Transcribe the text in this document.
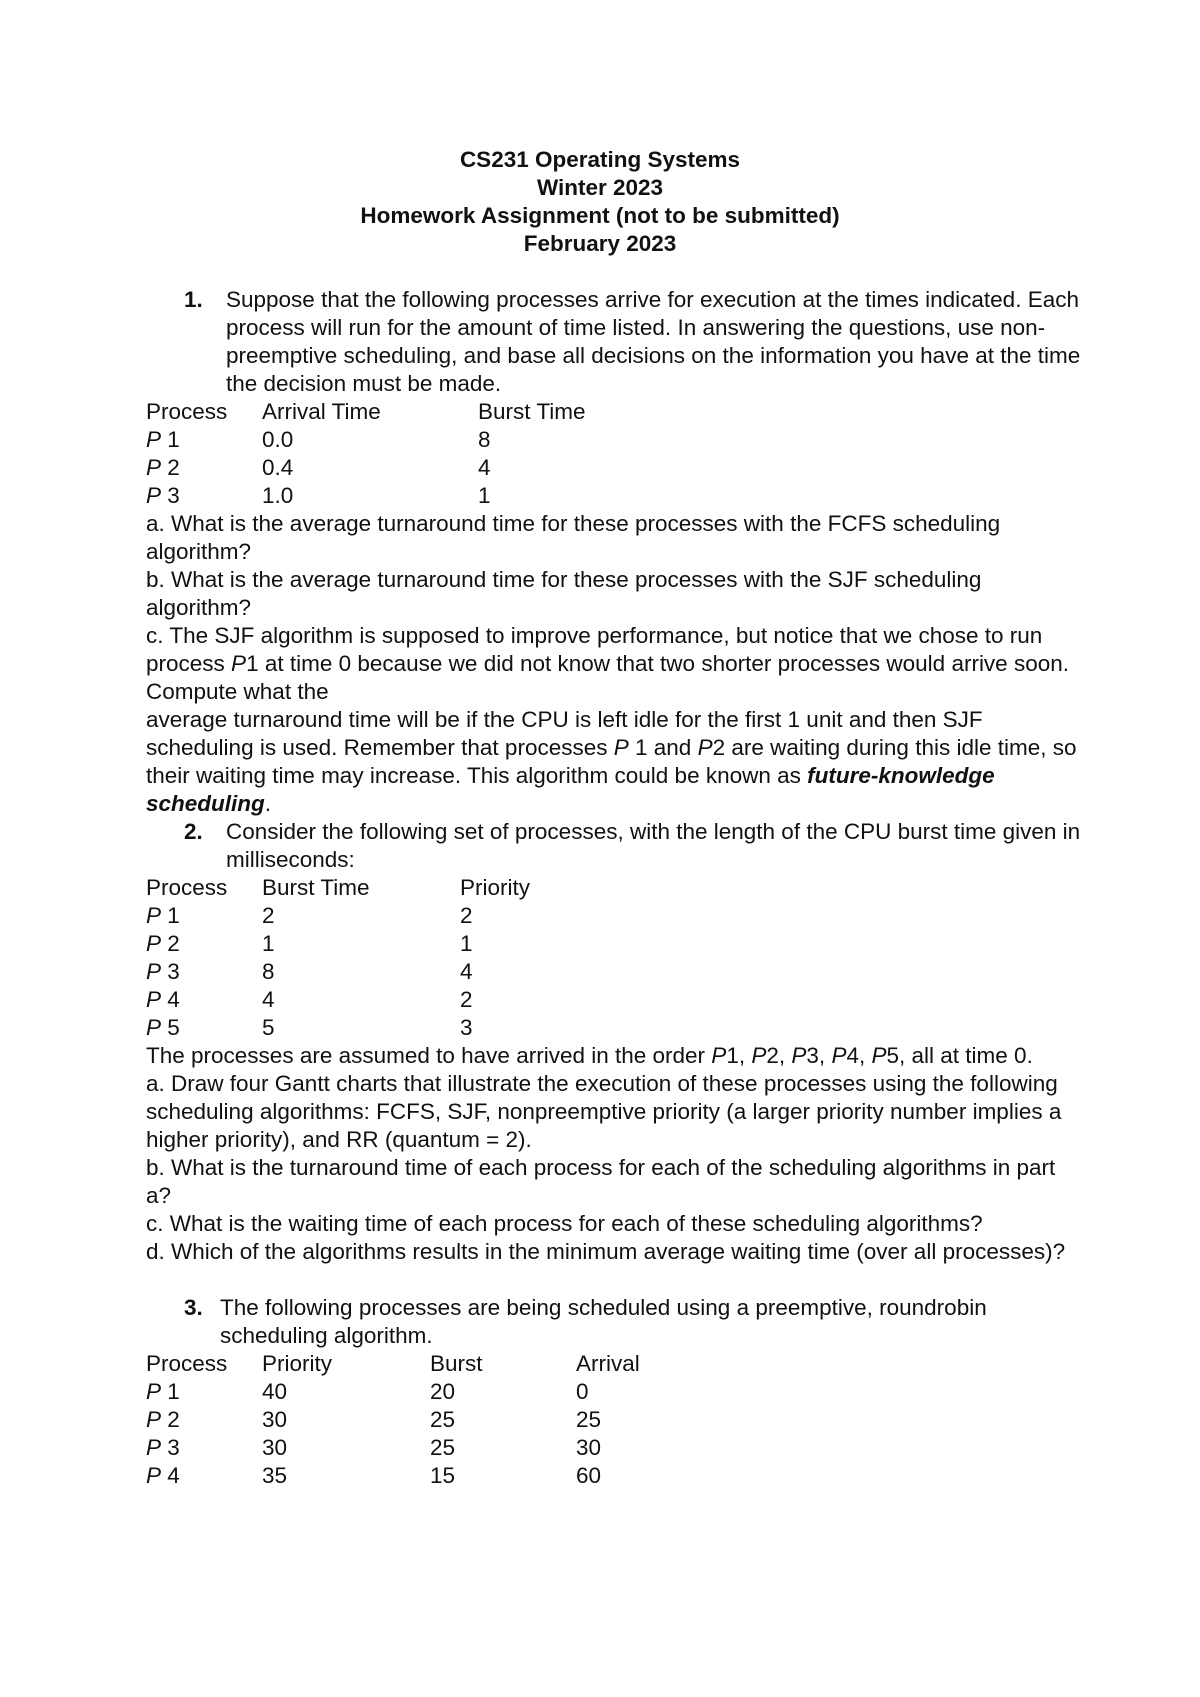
CS231 Operating Systems
Winter 2023
Homework Assignment (not to be submitted)
February 2023
1. Suppose that the following processes arrive for execution at the times indicated. Each process will run for the amount of time listed. In answering the questions, use non-preemptive scheduling, and base all decisions on the information you have at the time the decision must be made.

Process	Arrival Time	Burst Time
P 1	0.0	8
P 2	0.4	4
P 3	1.0	1

a. What is the average turnaround time for these processes with the FCFS scheduling algorithm?

b. What is the average turnaround time for these processes with the SJF scheduling algorithm?

c. The SJF algorithm is supposed to improve performance, but notice that we chose to run process P1 at time 0 because we did not know that two shorter processes would arrive soon. Compute what the

average turnaround time will be if the CPU is left idle for the first 1 unit and then SJF scheduling is used. Remember that processes P 1 and P2 are waiting during this idle time, so their waiting time may increase. This algorithm could be known as future-knowledge scheduling.

2. Consider the following set of processes, with the length of the CPU burst time given in milliseconds:

Process	Burst Time	Priority
P 1	2	2
P 2	1	1
P 3	8	4
P 4	4	2
P 5	5	3

The processes are assumed to have arrived in the order P1, P2, P3, P4, P5, all at time 0.

a. Draw four Gantt charts that illustrate the execution of these processes using the following scheduling algorithms: FCFS, SJF, nonpreemptive priority (a larger priority number implies a higher priority), and RR (quantum = 2).

b. What is the turnaround time of each process for each of the scheduling algorithms in part a?

c. What is the waiting time of each process for each of these scheduling algorithms?

d. Which of the algorithms results in the minimum average waiting time (over all processes)?

3. The following processes are being scheduled using a preemptive, roundrobin scheduling algorithm.

Process	Priority	Burst	Arrival
P 1	40	20	0
P 2	30	25	25
P 3	30	25	30
P 4	35	15	60
